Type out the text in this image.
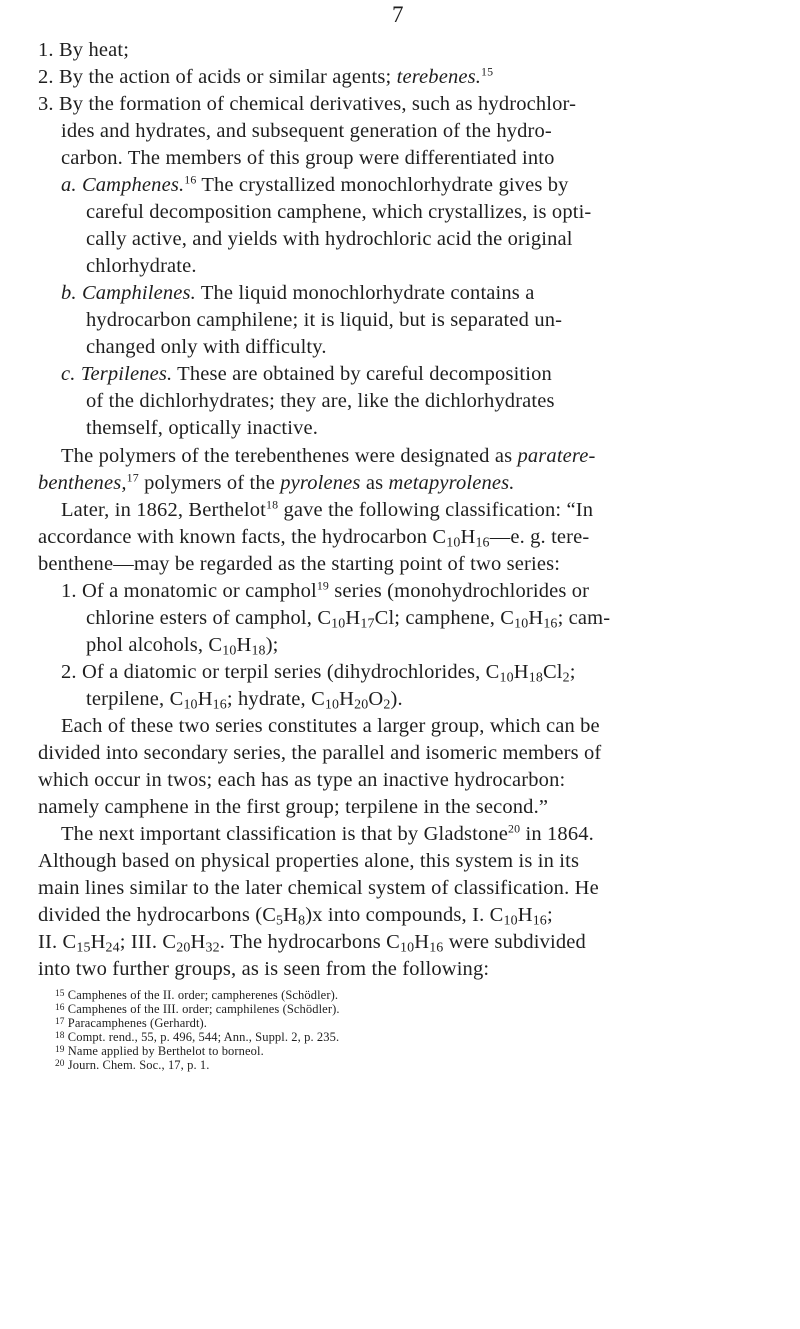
7
1. By heat;
2. By the action of acids or similar agents; terebenes.$^{15}$
3. By the formation of chemical derivatives, such as hydrochlor-
ides and hydrates, and subsequent generation of the hydro-
carbon. The members of this group were differentiated into
a. Camphenes.$^{16}$ The crystallized monochlorhydrate gives by
careful decomposition camphene, which crystallizes, is opti-
cally active, and yields with hydrochloric acid the original
chlorhydrate.
b. Camphilenes. The liquid monochlorhydrate contains a
hydrocarbon camphilene; it is liquid, but is separated un-
changed only with difficulty.
c. Terpilenes. These are obtained by careful decomposition
of the dichlorhydrates; they are, like the dichlorhydrates
themself, optically inactive.
The polymers of the terebenthenes were designated as paratere-
benthenes,$^{17}$ polymers of the pyrolenes as metapyrolenes.
Later, in 1862, Berthelot$^{18}$ gave the following classification: “In
accordance with known facts, the hydrocarbon $C_{10}H_{16}—e$. g. tere-
benthene—may be regarded as the starting point of two series:
1. Of a monatomic or camphol$^{19}$ series (monohydrochlorides or
chlorine esters of camphol, $C_{10}H_{17}Cl$; camphene, $C_{10}H_{16}$; cam-
phol alcohols, $C_{10}H_{18}$);
2. Of a diatomic or terpil series (dihydrochlorides, $C_{10}H_{18}Cl_2$;
terpilene, $C_{10}H_{16}$; hydrate, $C_{10}H_{20}O_2$).
Each of these two series constitutes a larger group, which can be
divided into secondary series, the parallel and isomeric members of
which occur in twos; each has as type an inactive hydrocarbon:
namely camphene in the first group; terpilene in the second.”
The next important classification is that by Gladstone$^{20}$ in 1864.
Although based on physical properties alone, this system is in its
main lines similar to the later chemical system of classification. He
divided the hydrocarbons $(C_5H_8)x$ into compounds, I. $C_{10}H_{16}$;
II. $C_{15}H_{24}$; III. $C_{20}H_{32}$. The hydrocarbons $C_{10}H_{16}$ were subdivided
into two further groups, as is seen from the following:
$^{15}$ Camphenes of the II. order; campherenes (Schödler).
$^{16}$ Camphenes of the III. order; camphilenes (Schödler).
$^{17}$ Paracamphenes (Gerhardt).
$^{18}$ Compt. rend., 55, p. 496, 544; Ann., Suppl. 2, p. 235.
$^{19}$ Name applied by Berthelot to borneol.
$^{20}$ Journ. Chem. Soc., 17, p. 1.
